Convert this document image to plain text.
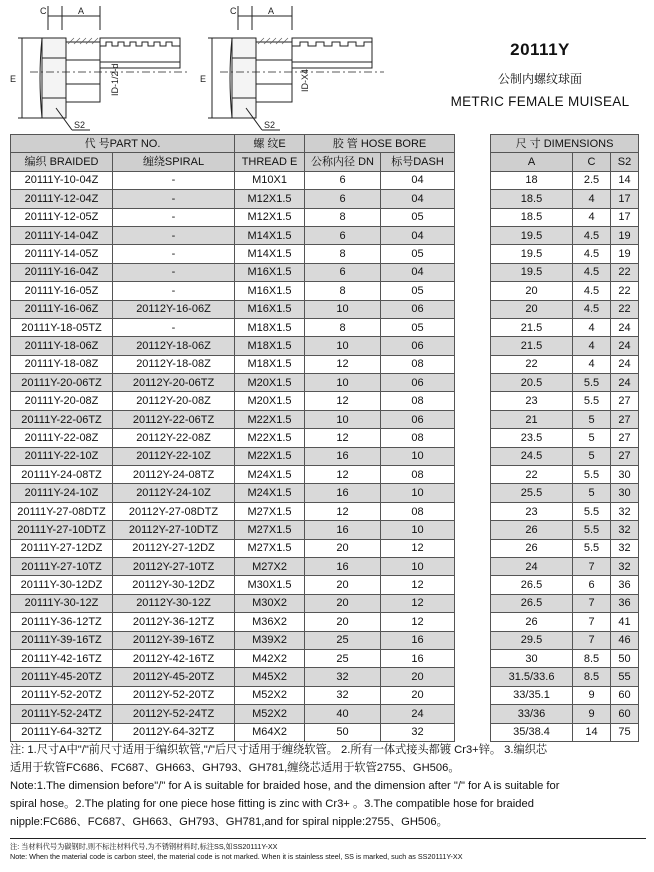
C	A
E
S2
ID-1/2-d
C	A
E
S2
ID-X4
20111Y
公制内螺纹球面
METRIC FEMALE MUISEAL
代 号PART NO.		螺 纹E	胶 管 HOSE BORE			尺 寸 DIMENSIONS		
编织 BRAIDED	缠绕SPIRAL	THREAD E	公称内径 DN	标号DASH		A	C	S2
20111Y-10-04Z	-	M10X1	6	04		18	2.5	14
20111Y-12-04Z	-	M12X1.5	6	04		18.5	4	17
20111Y-12-05Z	-	M12X1.5	8	05		18.5	4	17
20111Y-14-04Z	-	M14X1.5	6	04		19.5	4.5	19
20111Y-14-05Z	-	M14X1.5	8	05		19.5	4.5	19
20111Y-16-04Z	-	M16X1.5	6	04		19.5	4.5	22
20111Y-16-05Z	-	M16X1.5	8	05		20	4.5	22
20111Y-16-06Z	20112Y-16-06Z	M16X1.5	10	06		20	4.5	22
20111Y-18-05TZ	-	M18X1.5	8	05		21.5	4	24
20111Y-18-06Z	20112Y-18-06Z	M18X1.5	10	06		21.5	4	24
20111Y-18-08Z	20112Y-18-08Z	M18X1.5	12	08		22	4	24
20111Y-20-06TZ	20112Y-20-06TZ	M20X1.5	10	06		20.5	5.5	24
20111Y-20-08Z	20112Y-20-08Z	M20X1.5	12	08		23	5.5	27
20111Y-22-06TZ	20112Y-22-06TZ	M22X1.5	10	06		21	5	27
20111Y-22-08Z	20112Y-22-08Z	M22X1.5	12	08		23.5	5	27
20111Y-22-10Z	20112Y-22-10Z	M22X1.5	16	10		24.5	5	27
20111Y-24-08TZ	20112Y-24-08TZ	M24X1.5	12	08		22	5.5	30
20111Y-24-10Z	20112Y-24-10Z	M24X1.5	16	10		25.5	5	30
20111Y-27-08DTZ	20112Y-27-08DTZ	M27X1.5	12	08		23	5.5	32
20111Y-27-10DTZ	20112Y-27-10DTZ	M27X1.5	16	10		26	5.5	32
20111Y-27-12DZ	20112Y-27-12DZ	M27X1.5	20	12		26	5.5	32
20111Y-27-10TZ	20112Y-27-10TZ	M27X2	16	10		24	7	32
20111Y-30-12DZ	20112Y-30-12DZ	M30X1.5	20	12		26.5	6	36
20111Y-30-12Z	20112Y-30-12Z	M30X2	20	12		26.5	7	36
20111Y-36-12TZ	20112Y-36-12TZ	M36X2	20	12		26	7	41
20111Y-39-16TZ	20112Y-39-16TZ	M39X2	25	16		29.5	7	46
20111Y-42-16TZ	20112Y-42-16TZ	M42X2	25	16		30	8.5	50
20111Y-45-20TZ	20112Y-45-20TZ	M45X2	32	20		31.5/33.6	8.5	55
20111Y-52-20TZ	20112Y-52-20TZ	M52X2	32	20		33/35.1	9	60
20111Y-52-24TZ	20112Y-52-24TZ	M52X2	40	24		33/36	9	60
20111Y-64-32TZ	20112Y-64-32TZ	M64X2	50	32		35/38.4	14	75

注: 1.尺寸A中"/"前尺寸适用于编织软管,"/"后尺寸适用于缠绕软管。 2.所有一体式接头都镀 Cr3+锌。 3.编织芯

适用于软管FC686、FC687、GH663、GH793、GH781,缠绕芯适用于软管2755、GH506。

Note:1.The dimension before"/" for A is suitable for braided hose, and the dimension after "/" for A is suitable for

spiral hose。2.The plating for one piece hose fitting is zinc with Cr3+ 。3.The compatible hose for braided

nipple:FC686、FC687、GH663、GH793、GH781,and for spiral nipple:2755、GH506。

注: 当材料代号为碳钢时,则不标注材料代号,为不锈钢材料时,标注SS,如SS20111Y-XX

Note: When the material code is carbon steel, the material code is not marked. When it is stainless steel, SS is marked, such as SS20111Y-XX
